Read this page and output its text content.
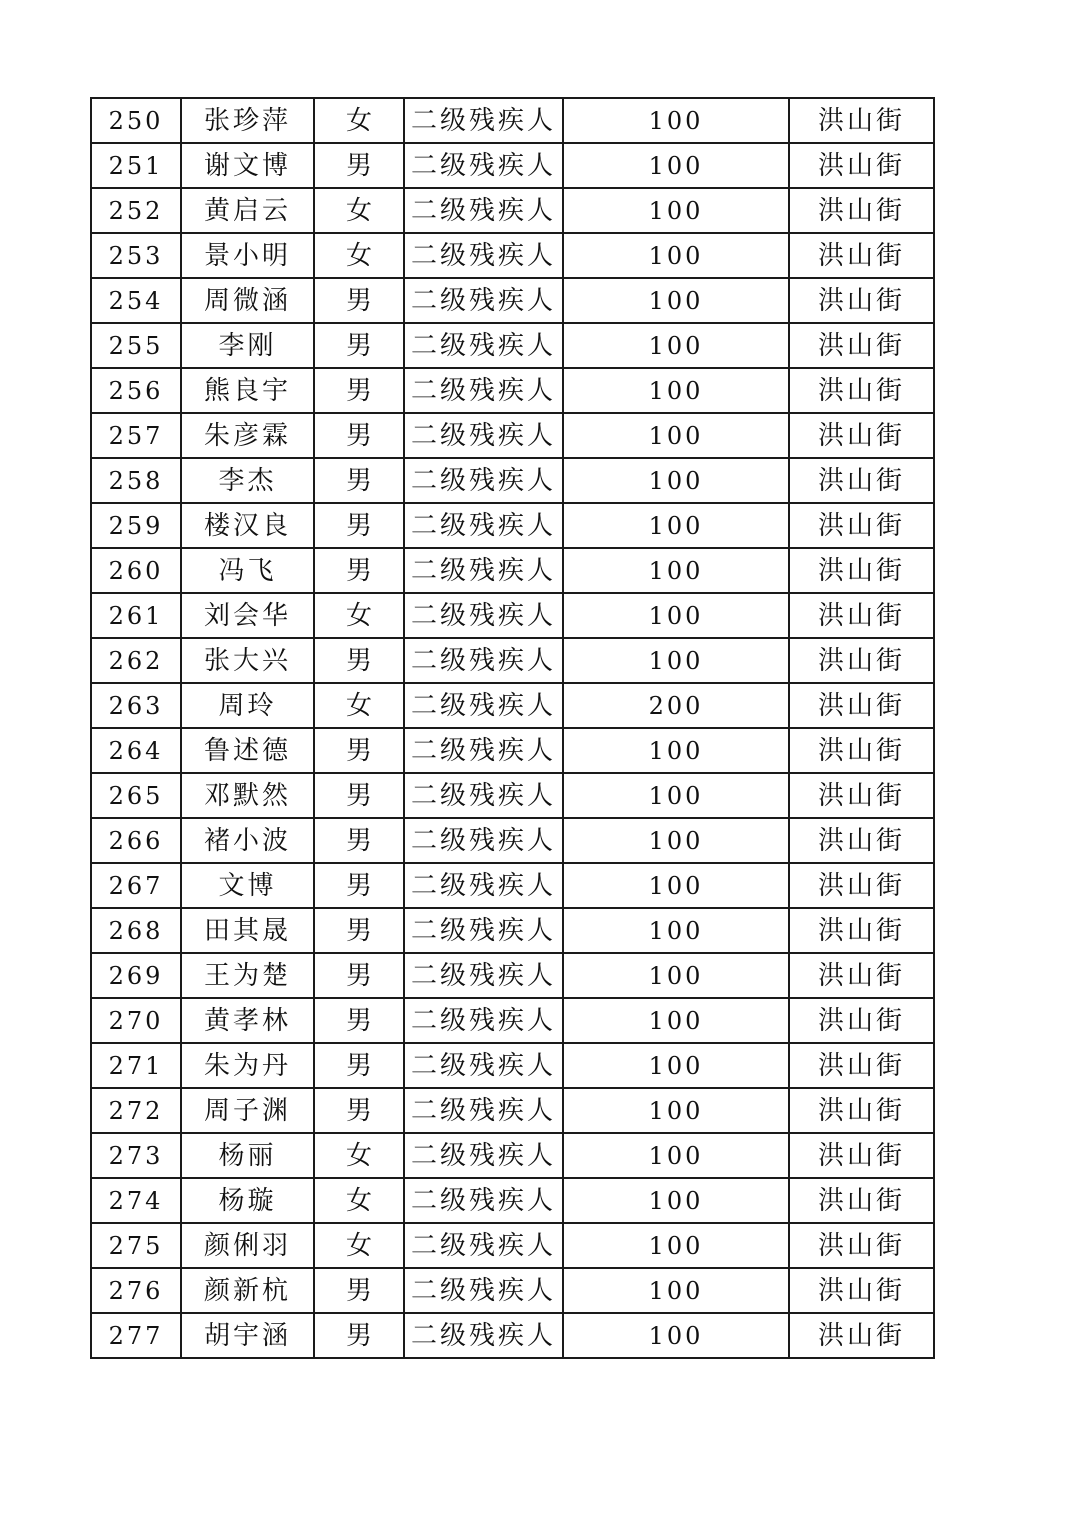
250	张珍萍	女	二级残疾人	100	洪山街
251	谢文博	男	二级残疾人	100	洪山街
252	黄启云	女	二级残疾人	100	洪山街
253	景小明	女	二级残疾人	100	洪山街
254	周微涵	男	二级残疾人	100	洪山街
255	李刚	男	二级残疾人	100	洪山街
256	熊良宇	男	二级残疾人	100	洪山街
257	朱彦霖	男	二级残疾人	100	洪山街
258	李杰	男	二级残疾人	100	洪山街
259	楼汉良	男	二级残疾人	100	洪山街
260	冯飞	男	二级残疾人	100	洪山街
261	刘会华	女	二级残疾人	100	洪山街
262	张大兴	男	二级残疾人	100	洪山街
263	周玲	女	二级残疾人	200	洪山街
264	鲁述德	男	二级残疾人	100	洪山街
265	邓默然	男	二级残疾人	100	洪山街
266	褚小波	男	二级残疾人	100	洪山街
267	文博	男	二级残疾人	100	洪山街
268	田其晟	男	二级残疾人	100	洪山街
269	王为楚	男	二级残疾人	100	洪山街
270	黄孝林	男	二级残疾人	100	洪山街
271	朱为丹	男	二级残疾人	100	洪山街
272	周子渊	男	二级残疾人	100	洪山街
273	杨丽	女	二级残疾人	100	洪山街
274	杨璇	女	二级残疾人	100	洪山街
275	颜俐羽	女	二级残疾人	100	洪山街
276	颜新杭	男	二级残疾人	100	洪山街
277	胡宇涵	男	二级残疾人	100	洪山街
